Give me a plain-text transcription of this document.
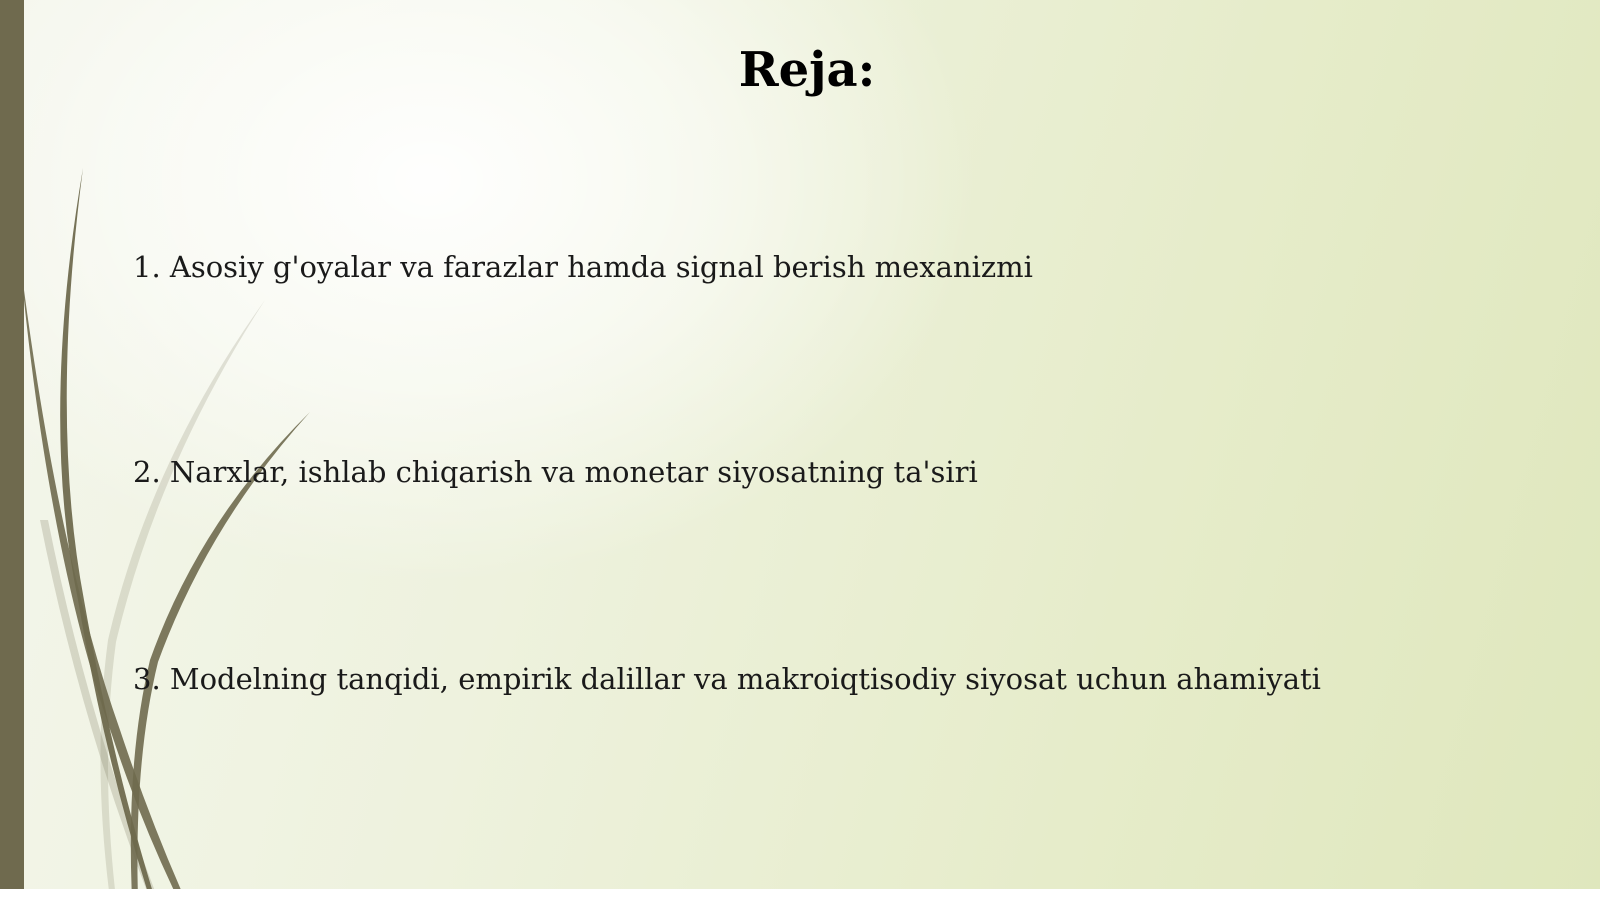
Reja:
1. Asosiy g'oyalar va farazlar hamda signal berish mexanizmi
2. Narxlar, ishlab chiqarish va monetar siyosatning ta'siri
3. Modelning tanqidi, empirik dalillar va makroiqtisodiy siyosat uchun ahamiyati
